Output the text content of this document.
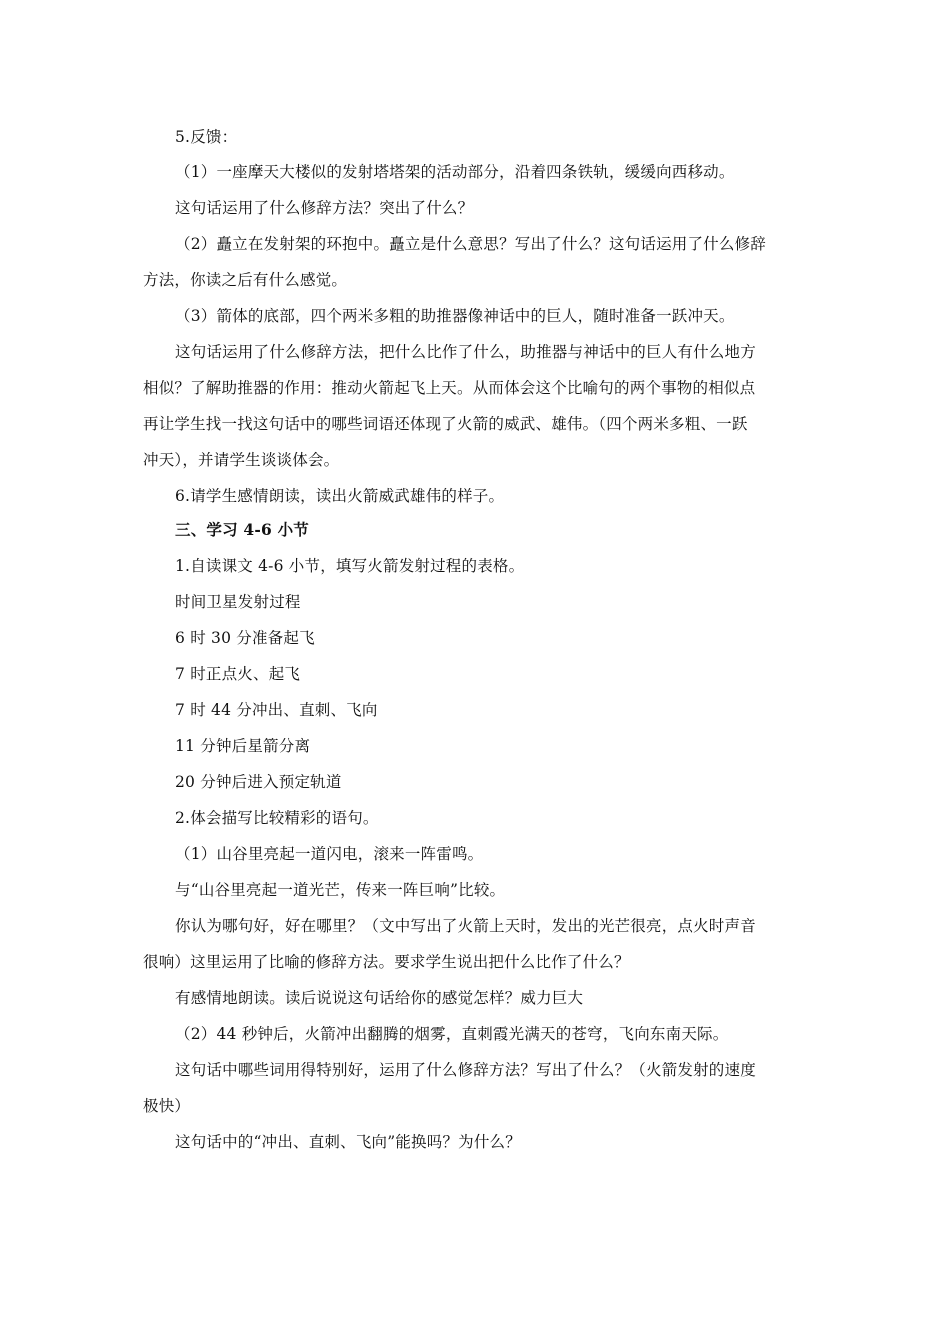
5.反馈：
（1）一座摩天大楼似的发射塔塔架的活动部分，沿着四条铁轨，缓缓向西移动。
这句话运用了什么修辞方法？突出了什么？
（2）矗立在发射架的环抱中。矗立是什么意思？写出了什么？这句话运用了什么修辞
方法，你读之后有什么感觉。
（3）箭体的底部，四个两米多粗的助推器像神话中的巨人，随时准备一跃冲天。
这句话运用了什么修辞方法，把什么比作了什么，助推器与神话中的巨人有什么地方
相似？了解助推器的作用：推动火箭起飞上天。从而体会这个比喻句的两个事物的相似点
再让学生找一找这句话中的哪些词语还体现了火箭的威武、雄伟。（四个两米多粗、一跃
冲天），并请学生谈谈体会。
6.请学生感情朗读，读出火箭威武雄伟的样子。
三、学习 4-6 小节
1.自读课文 4-6 小节，填写火箭发射过程的表格。
时间卫星发射过程
6 时 30 分准备起飞
7 时正点火、起飞
7 时 44 分冲出、直刺、飞向
11 分钟后星箭分离
20 分钟后进入预定轨道
2.体会描写比较精彩的语句。
（1）山谷里亮起一道闪电，滚来一阵雷鸣。
与“山谷里亮起一道光芒，传来一阵巨响”比较。
你认为哪句好，好在哪里？（文中写出了火箭上天时，发出的光芒很亮，点火时声音
很响）这里运用了比喻的修辞方法。要求学生说出把什么比作了什么？
有感情地朗读。读后说说这句话给你的感觉怎样？威力巨大
（2）44 秒钟后，火箭冲出翻腾的烟雾，直刺霞光满天的苍穹，飞向东南天际。
这句话中哪些词用得特别好，运用了什么修辞方法？写出了什么？（火箭发射的速度
极快）
这句话中的“冲出、直刺、飞向”能换吗？为什么？
